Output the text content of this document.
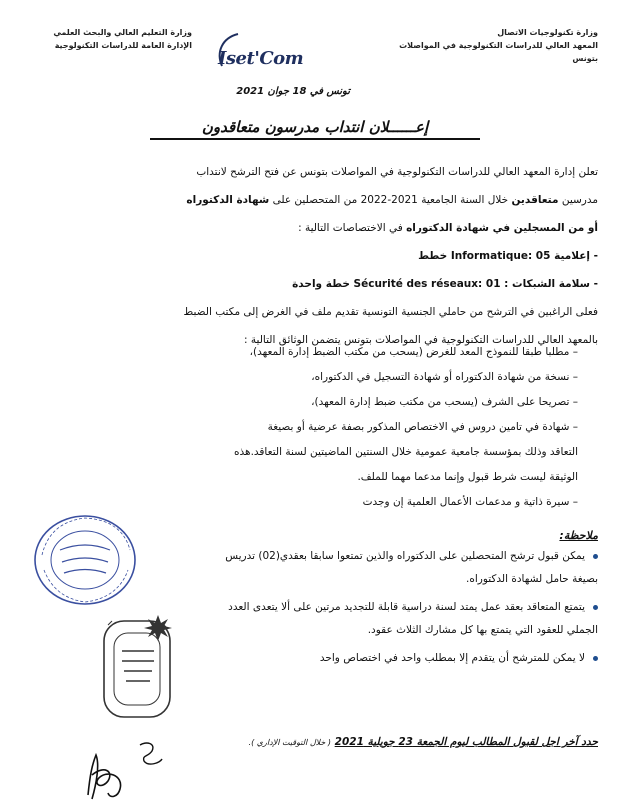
وزارة تكنولوجيات الاتصال
المعهد العالي للدراسات التكنولوجية في المواصلات بتونس
وزارة التعليم العالي والبحث العلمي
الإدارة العامة للدراسات التكنولوجية
Iset'Com
تونس في 18 جوان 2021
إعــــــلان انتداب مدرسون متعاقدون

تعلن إدارة المعهد العالي للدراسات التكنولوجية في المواصلات بتونس عن فتح الترشح لانتداب

مدرسين متعاقدين خلال السنة الجامعية 2021-2022 من المتحصلين على شهادة الدكتوراه

أو من المسجلين في شهادة الدكتوراه في الاختصاصات التالية :

- إعلامية Informatique: 05 خطط

- سلامة الشبكات : Sécurité des réseaux: 01 خطة واحدة

فعلى الراغبين في الترشح من حاملي الجنسية التونسية تقديم ملف في الغرض إلى مكتب الضبط

بالمعهد العالي للدراسات التكنولوجية في المواصلات بتونس يتضمن الوثائق التالية :

– مطلبا طبقا للنموذج المعد للغرض (يسحب من مكتب الضبط إدارة المعهد)،

– نسخة من شهادة الدكتوراه أو شهادة التسجيل في الدكتوراه،

– تصريحا على الشرف (يسحب من مكتب ضبط إدارة المعهد)،

– شهادة في تامين دروس في الاختصاص المذكور بصفة عرضية أو بصيغة

التعاقد وذلك بمؤسسة جامعية عمومية خلال السنتين الماضيتين لسنة التعاقد.هذه

الوثيقة ليست شرط قبول وإنما مدعما مهما للملف.

– سيرة ذاتية و مدعمات الأعمال العلمية إن وجدت

ملاحظة:

يمكن قبول ترشح المتحصلين على الدكتوراه والذين تمتعوا سابقا بعقدي(02) تدريس
بصيغة حامل لشهادة الدكتوراه.

يتمتع المتعاقد بعقد عمل يمتد لسنة دراسية قابلة للتجديد مرتين على ألا يتعدى العدد
الجملي للعقود التي يتمتع بها كل مشارك الثلاث عقود.

لا يمكن للمترشح أن يتقدم إلا بمطلب واحد في اختصاص واحد

حدد آخر اجل لقبول المطالب ليوم الجمعة 23 جويلية 2021 ( خلال التوقيت الإداري ).
